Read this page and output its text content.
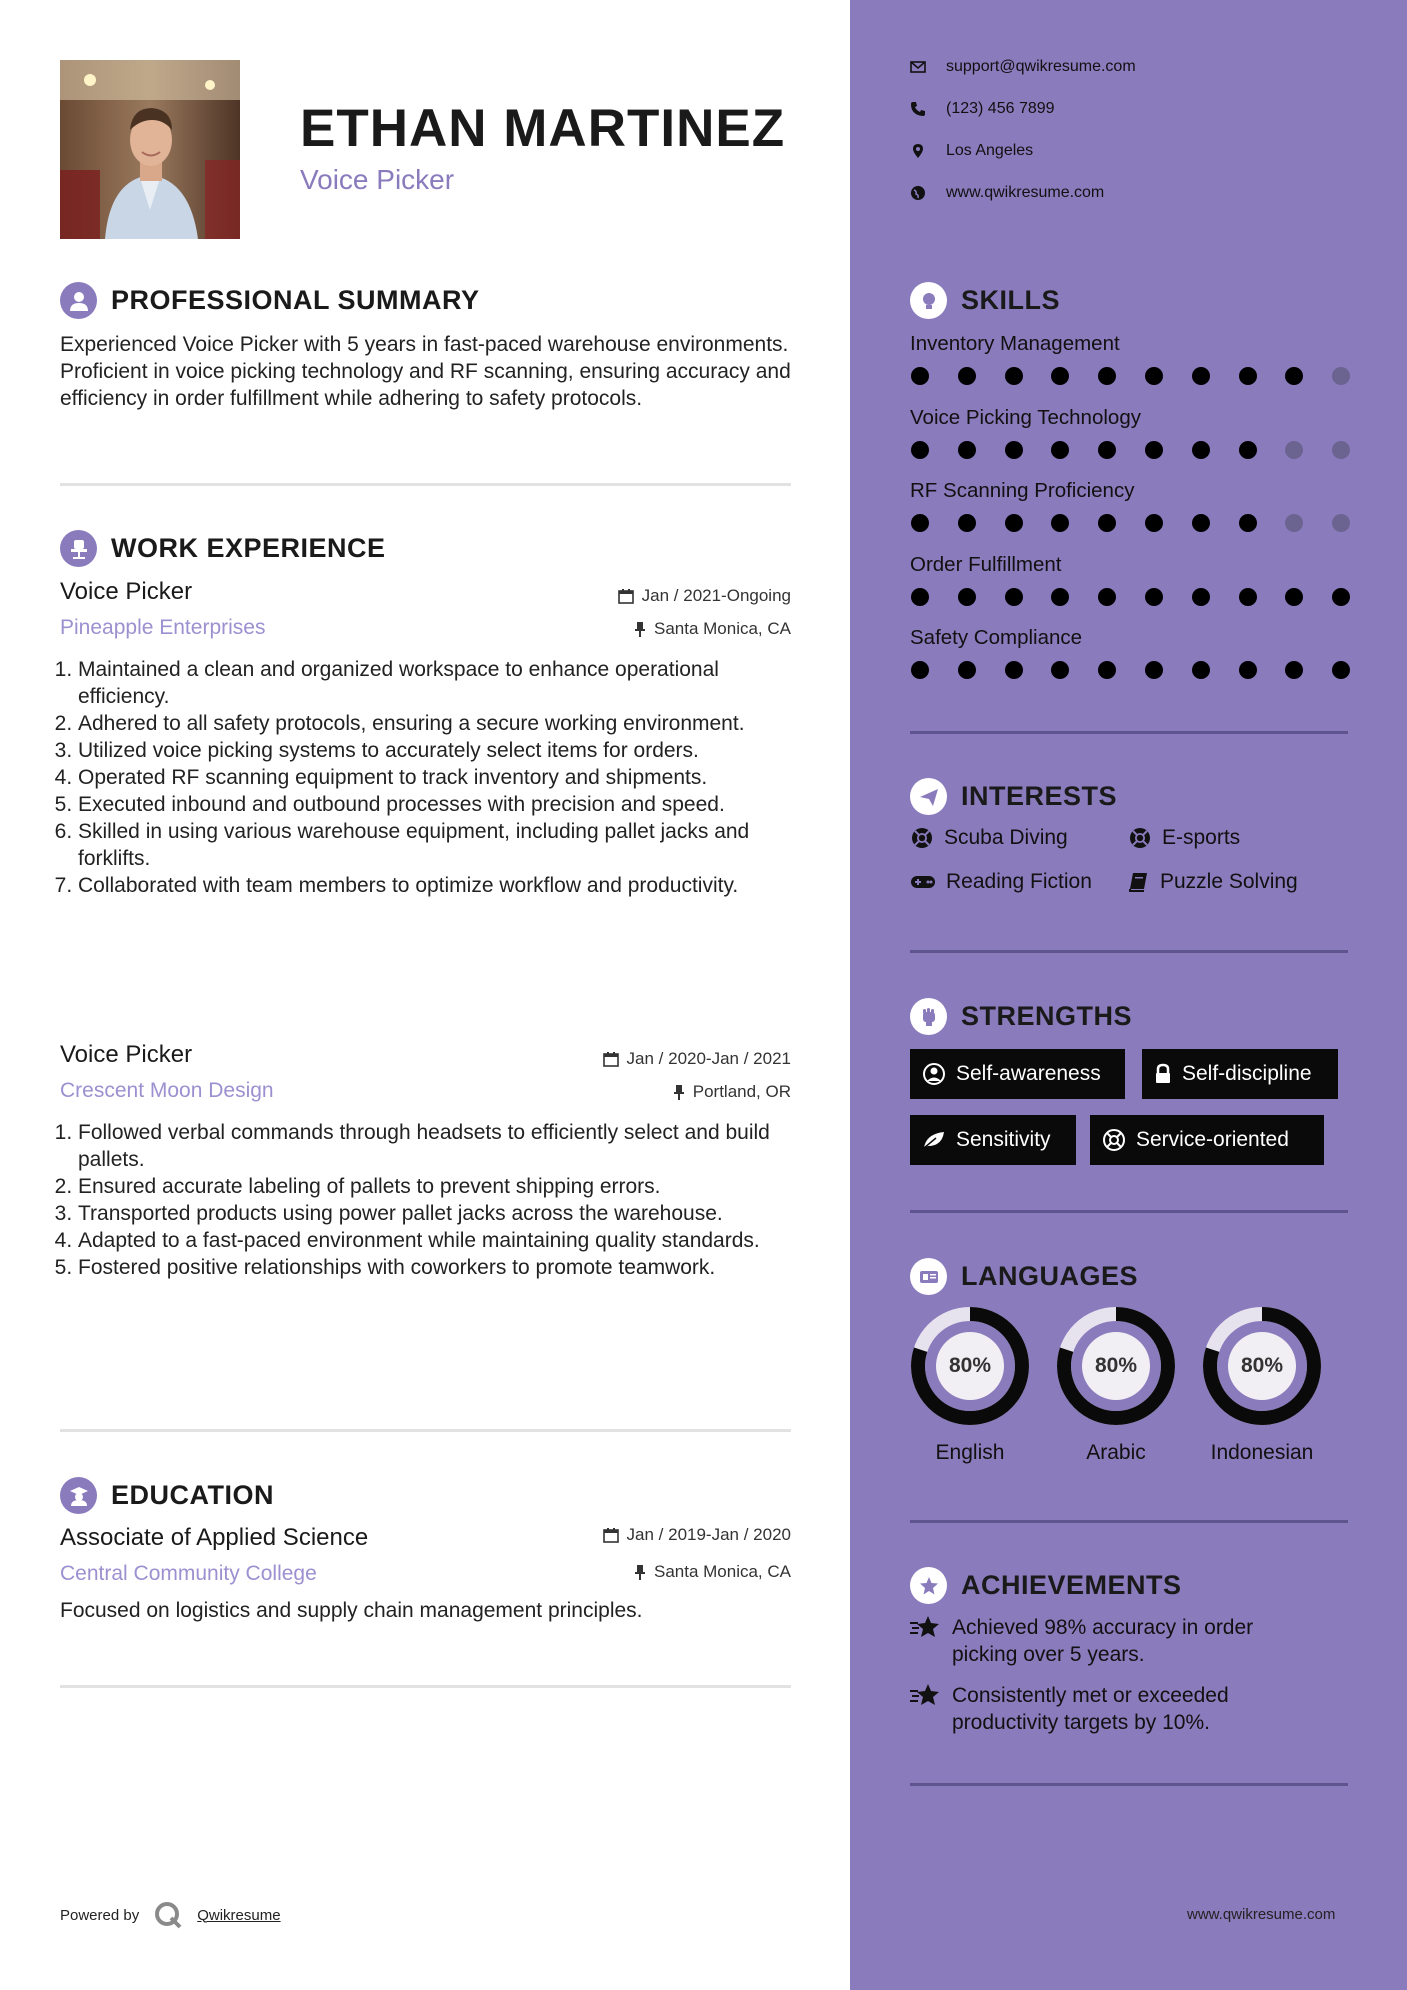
ETHAN MARTINEZ
Voice Picker
PROFESSIONAL SUMMARY
Experienced Voice Picker with 5 years in fast-paced warehouse environments. Proficient in voice picking technology and RF scanning, ensuring accuracy and efficiency in order fulfillment while adhering to safety protocols.
WORK EXPERIENCE
Voice Picker	Jan / 2021-Ongoing
Pineapple Enterprises	Santa Monica, CA
1. Maintained a clean and organized workspace to enhance operational efficiency.
2. Adhered to all safety protocols, ensuring a secure working environment.
3. Utilized voice picking systems to accurately select items for orders.
4. Operated RF scanning equipment to track inventory and shipments.
5. Executed inbound and outbound processes with precision and speed.
6. Skilled in using various warehouse equipment, including pallet jacks and forklifts.
7. Collaborated with team members to optimize workflow and productivity.
Voice Picker	Jan / 2020-Jan / 2021
Crescent Moon Design	Portland, OR
1. Followed verbal commands through headsets to efficiently select and build pallets.
2. Ensured accurate labeling of pallets to prevent shipping errors.
3. Transported products using power pallet jacks across the warehouse.
4. Adapted to a fast-paced environment while maintaining quality standards.
5. Fostered positive relationships with coworkers to promote teamwork.
EDUCATION
Associate of Applied Science	Jan / 2019-Jan / 2020
Central Community College	Santa Monica, CA
Focused on logistics and supply chain management principles.
Powered by	Qwikresume	www.qwikresume.com
support@qwikresume.com
(123) 456 7899
Los Angeles
www.qwikresume.com
SKILLS
Inventory Management
Voice Picking Technology
RF Scanning Proficiency
Order Fulfillment
Safety Compliance
INTERESTS
Scuba Diving	E-sports
Reading Fiction	Puzzle Solving
STRENGTHS
Self-awareness	Self-discipline
Sensitivity	Service-oriented
LANGUAGES
80%
English
80%
Arabic
80%
Indonesian
ACHIEVEMENTS
Achieved 98% accuracy in order picking over 5 years.
Consistently met or exceeded productivity targets by 10%.
